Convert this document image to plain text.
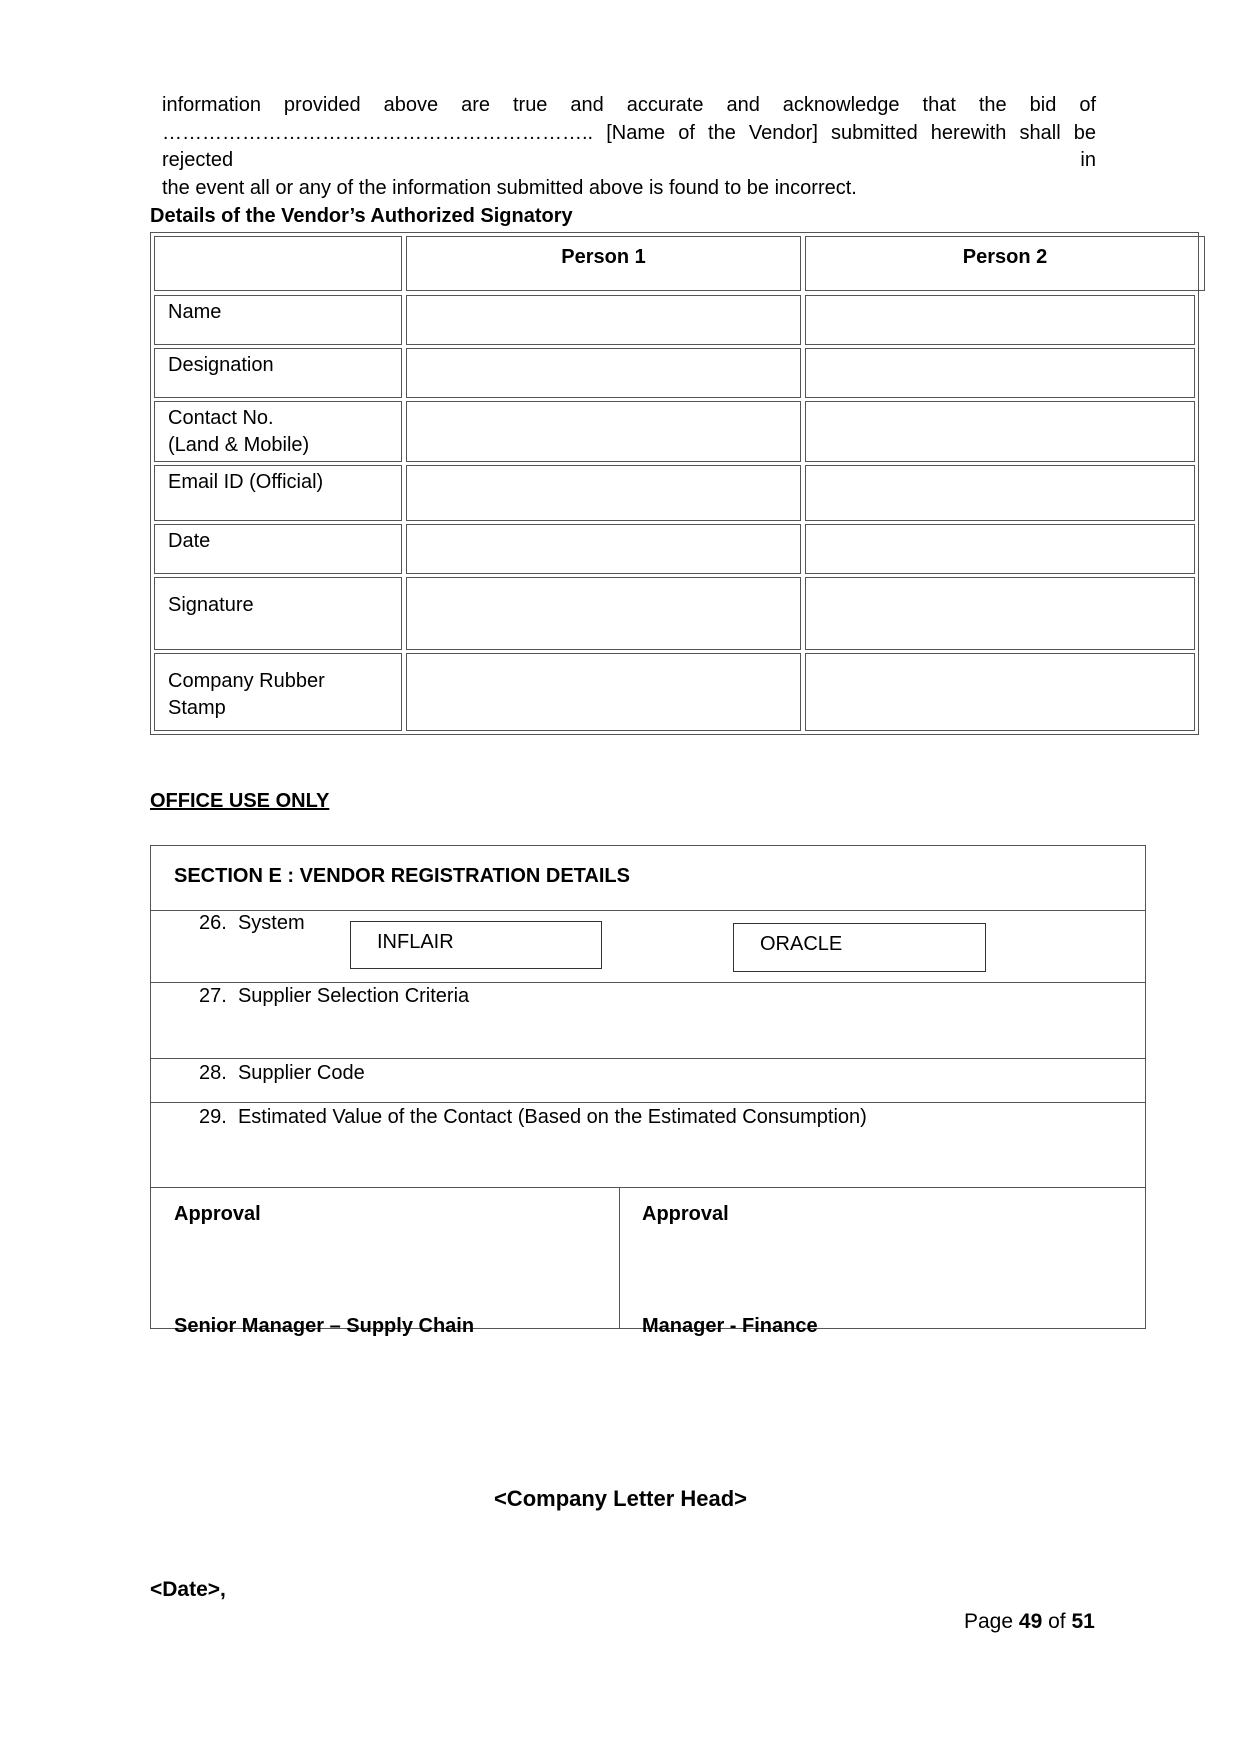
information provided above are true and accurate and acknowledge that the bid of

……………………………………………………….. [Name of the Vendor] submitted herewith shall be rejected in

the event all or any of the information submitted above is found to be incorrect.

Details of the Vendor’s Authorized Signatory
Person 1	Person 2
Name
Designation
Contact No.
(Land & Mobile)
Email ID (Official)
Date
Signature
Company Rubber Stamp
OFFICE USE ONLY
SECTION E : VENDOR REGISTRATION DETAILS
26. System
INFLAIR	ORACLE
27. Supplier Selection Criteria
28. Supplier Code
29. Estimated Value of the Contact (Based on the Estimated Consumption)
Approval
Senior Manager – Supply Chain
Approval
Manager - Finance
<Company Letter Head>
<Date>,
Page 49 of 51
